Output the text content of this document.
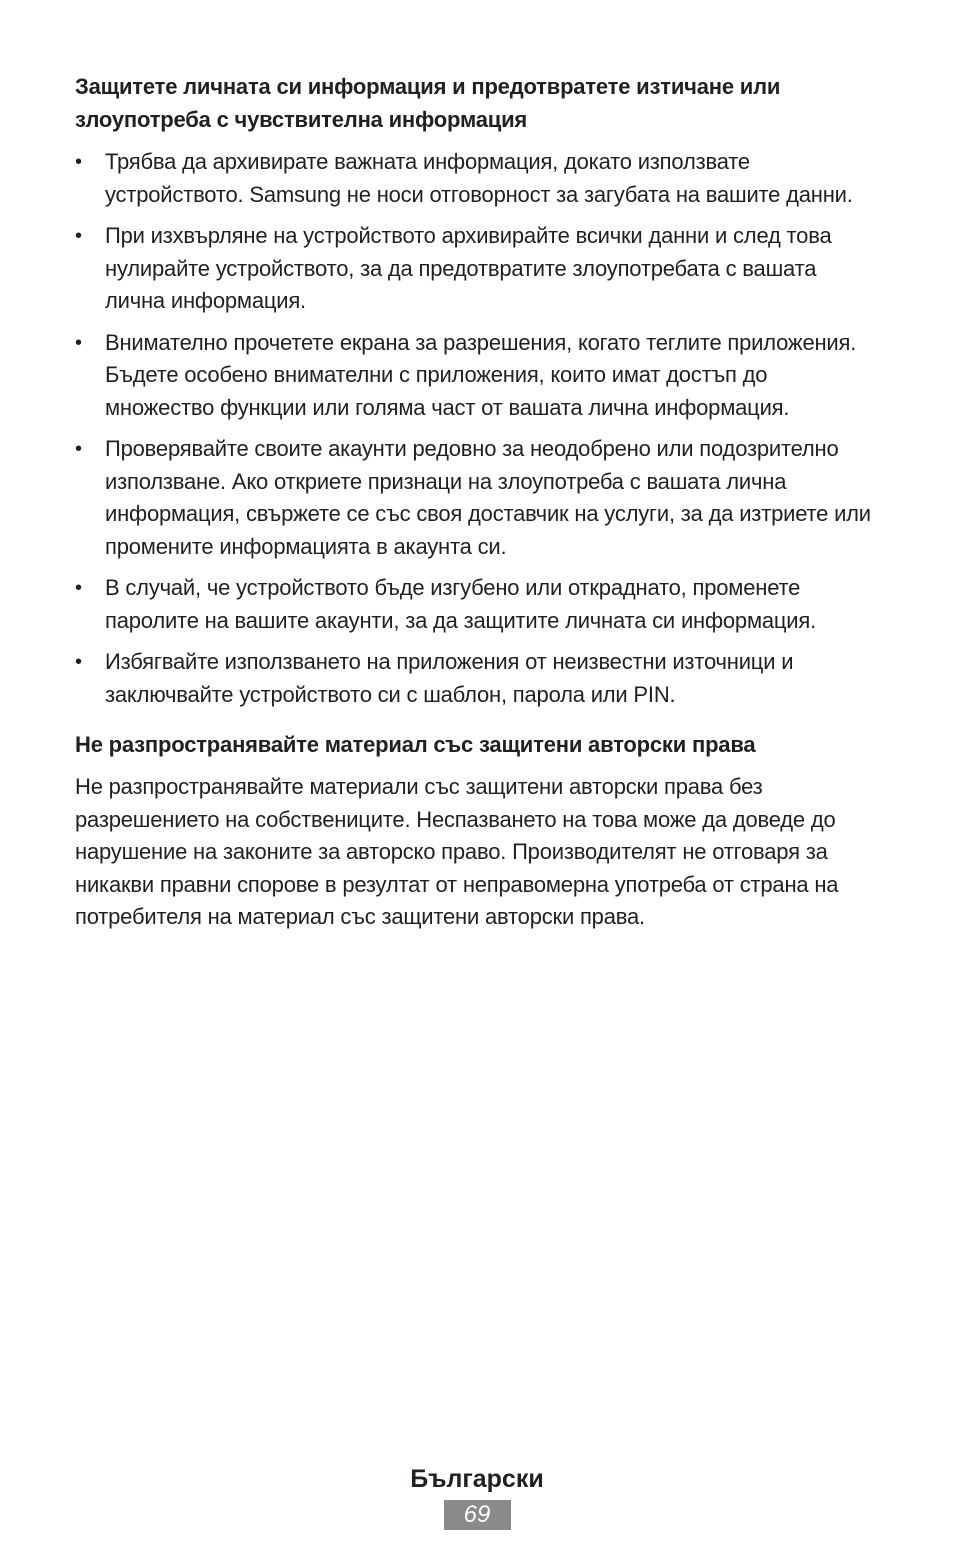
Защитете личната си информация и предотвратете изтичане или злоупотреба с чувствителна информация
• Трябва да архивирате важната информация, докато използвате устройството. Samsung не носи отговорност за загубата на вашите данни.
• При изхвърляне на устройството архивирайте всички данни и след това нулирайте устройството, за да предотвратите злоупотребата с вашата лична информация.
• Внимателно прочетете екрана за разрешения, когато теглите приложения. Бъдете особено внимателни с приложения, които имат достъп до множество функции или голяма част от вашата лична информация.
• Проверявайте своите акаунти редовно за неодобрено или подозрително използване. Ако откриете признаци на злоупотреба с вашата лична информация, свържете се със своя доставчик на услуги, за да изтриете или промените информацията в акаунта си.
• В случай, че устройството бъде изгубено или откраднато, променете паролите на вашите акаунти, за да защитите личната си информация.
• Избягвайте използването на приложения от неизвестни източници и заключвайте устройството си с шаблон, парола или PIN.
Не разпространявайте материал със защитени авторски права

Не разпространявайте материали със защитени авторски права без разрешението на собствениците. Неспазването на това може да доведе до нарушение на законите за авторско право. Производителят не отговаря за никакви правни спорове в резултат от неправомерна употреба от страна на потребителя на материал със защитени авторски права.

Български
69
